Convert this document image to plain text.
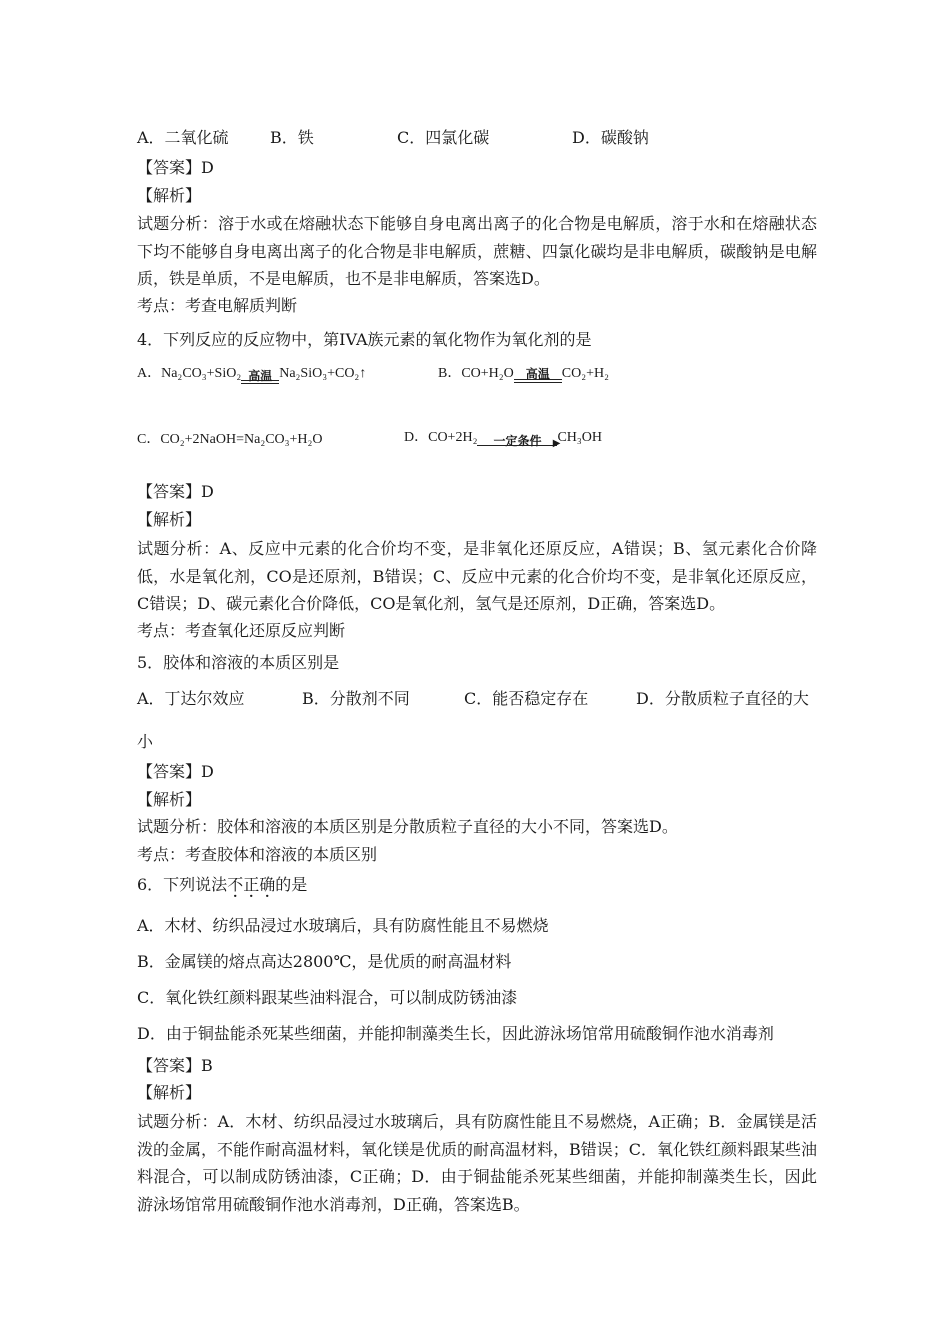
A．二氧化硫	B．铁	C．四氯化碳	D．碳酸钠
【答案】D
【解析】
试题分析：溶于水或在熔融状态下能够自身电离出离子的化合物是电解质，溶于水和在熔融状态下均不能够自身电离出离子的化合物是非电解质，蔗糖、四氯化碳均是非电解质，碳酸钠是电解质，铁是单质，不是电解质，也不是非电解质，答案选D。
考点：考查电解质判断
4．下列反应的反应物中，第IVA族元素的氧化物作为氧化剂的是
A．Na₂CO₃+SiO₂ 高温 Na₂SiO₃+CO₂↑	B．CO+H₂O 高温 CO₂+H₂
C．CO₂+2NaOH=Na₂CO₃+H₂O	D．CO+2H₂	一定条件	▶
CH₃OH
【答案】D
【解析】
试题分析：A、反应中元素的化合价均不变，是非氧化还原反应，A错误；B、氢元素化合价降低，水是氧化剂，CO是还原剂，B错误；C、反应中元素的化合价均不变，是非氧化还原反应，C错误；D、碳元素化合价降低，CO是氧化剂，氢气是还原剂，D正确，答案选D。
考点：考查氧化还原反应判断
5．胶体和溶液的本质区别是
A．丁达尔效应	B．分散剂不同	C．能否稳定存在	D．分散质粒子直径的大
小
【答案】D
【解析】
试题分析：胶体和溶液的本质区别是分散质粒子直径的大小不同，答案选D。
考点：考查胶体和溶液的本质区别
6．下列说法不正确的是
A．木材、纺织品浸过水玻璃后，具有防腐性能且不易燃烧
B．金属镁的熔点高达2800℃，是优质的耐高温材料
C．氧化铁红颜料跟某些油料混合，可以制成防锈油漆
D．由于铜盐能杀死某些细菌，并能抑制藻类生长，因此游泳场馆常用硫酸铜作池水消毒剂
【答案】B
【解析】
试题分析：A．木材、纺织品浸过水玻璃后，具有防腐性能且不易燃烧，A正确；B．金属镁是活泼的金属，不能作耐高温材料，氧化镁是优质的耐高温材料，B错误；C．氧化铁红颜料跟某些油料混合，可以制成防锈油漆，C正确；D．由于铜盐能杀死某些细菌，并能抑制藻类生长，因此游泳场馆常用硫酸铜作池水消毒剂，D正确，答案选B。
